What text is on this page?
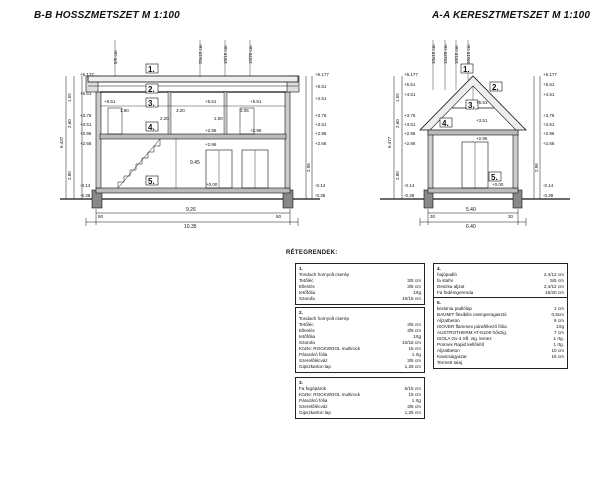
B-B HOSSZMETSZET M 1:100	A-A KERESZTMETSZET M 1:100
1.
2.
3.
4.
5.
+6.177
+5.51
+3.76
+3.51
+2.96
+2.66
-0.14
-0.38
+6.177
+5.51
+4.51
+3.76
+3.51
+2.96
+2.66
-0.14
-0.38
+5.51	+5.51	+5.51
+2.96	+2.96
+2.96
+0.00
1.90
2.20
3.20
2.00
3.05
9.45
9.26
10.35
50	50
6.437
2.80
2.60
2.96
1.55
5/5 cm	20x15 cm	10/15 cm	15/20 cm
1.
2.
3.
4.
5.
+6.177
+5.51
+4.51
+3.76
+3.51
+2.96
+2.66
-0.14
-0.38
+6.177
+5.51
+4.51
+3.76
+3.51
+2.96
+2.66
-0.14
-0.38
+5.51
+3.51
+2.96
+0.00
5.40
6.40
30	30
6.477
2.80
2.60
2.96
1.55
10x15 cm 15x20 cm 10/15 cm 10x15 cm
RÉTEGRENDEK:
1.
Tondach hornyolt cserép
Tetőléc	3/5 cm
Ellenléc	3/5 cm
tetőfólia	1rtg
Szarufa	10/15 cm
2.
Tondach hornyolt cserép
Tetőléc	3/5 cm
Ellenléc	3/5 cm
tetőfólia	1rtg
Szarufa	10/15 cm
Közte: ROCKWOOL multirock	15 cm
Párazáró fólia	1 rtg
Szerelőlécváz	3/5 cm
Gipszkarton lap	1,25 cm
3.
Fa fogópárok	5/15 cm
Közte: ROCKWOOL multirock	15 cm
Párazáró fólia	1 rtg
Szerelőlécváz	3/5 cm
Gipszkarton lap	1,25 cm
4.
hajópadló	2,4/12 cm
fa stafni	5/5 cm
Deszka aljzat	2,4/12 cm
Fa födémgerenda	15/20 cm
5.
kerámia padlólap	1 cm
BAUMIT flexibilis csemperagasztó	0,5cm
Aljzatbeton	6 cm
ISOVER flammex párafékező fólia	1rtg
AUSTROTHERM AT-N100 hőszig.	7 cm
ISOLA Gv-4 Sfl. vtg. lemez	1 rtg.
Pormex Rapid kellősítő	1 rtg.
Aljzatbeton	10 cm
Kavicságyazat	15 cm
Termett talaj
